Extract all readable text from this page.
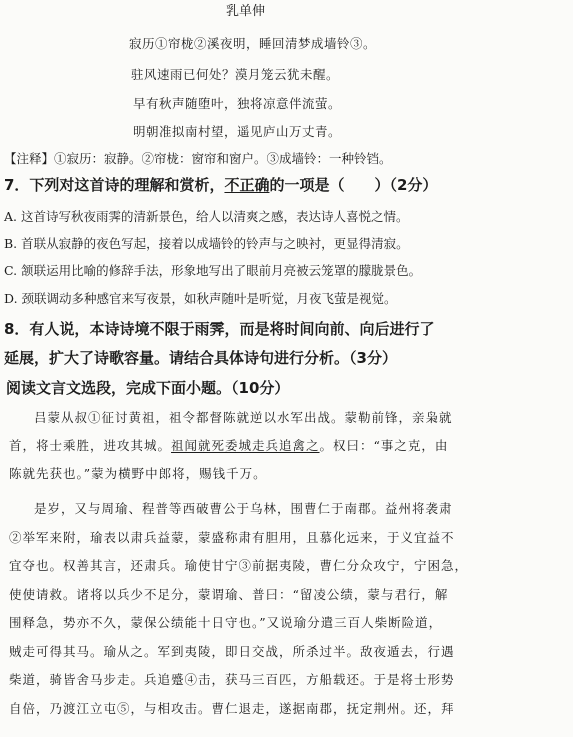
乳单伸
寂历①帘栊②溪夜明，睡回清梦成墙铃③。
驻风速雨已何处？漠月笼云犹未醒。
早有秋声随堕叶，独将凉意伴流萤。
明朝准拟南村望，遥见庐山万丈青。
【注释】①寂历：寂静。②帘栊：窗帘和窗户。③成墙铃：一种铃铛。
7．下列对这首诗的理解和赏析，不正确的一项是（　　）（2分）
A. 这首诗写秋夜雨霁的清新景色，给人以清爽之感，表达诗人喜悦之情。
B. 首联从寂静的夜色写起，接着以成墙铃的铃声与之映衬，更显得清寂。
C. 颔联运用比喻的修辞手法，形象地写出了眼前月亮被云笼罩的朦胧景色。
D. 颈联调动多种感官来写夜景，如秋声随叶是听觉，月夜飞萤是视觉。
8．有人说，本诗诗境不限于雨霁，而是将时间向前、向后进行了
延展，扩大了诗歌容量。请结合具体诗句进行分析。（3分）
阅读文言文选段，完成下面小题。（10分）
吕蒙从叔①征讨黄祖，祖令都督陈就逆以水军出战。蒙勒前锋，亲枭就
首，将士乘胜，进攻其城。祖闻就死委城走兵追禽之。权曰：“事之克，由
陈就先获也。”蒙为横野中郎将，赐钱千万。
是岁，又与周瑜、程普等西破曹公于乌林，围曹仁于南郡。益州将袭肃
②举军来附，瑜表以肃兵益蒙，蒙盛称肃有胆用，且慕化远来，于义宜益不
宜夺也。权善其言，还肃兵。瑜使甘宁③前据夷陵，曹仁分众攻宁，宁困急，
使使请救。诸将以兵少不足分，蒙谓瑜、普曰：“留凌公绩，蒙与君行，解
围释急，势亦不久，蒙保公绩能十日守也。”又说瑜分遣三百人柴断险道，
贼走可得其马。瑜从之。军到夷陵，即日交战，所杀过半。敌夜遁去，行遇
柴道，骑皆舍马步走。兵追蹙④击，获马三百匹，方船载还。于是将士形势
自倍，乃渡江立屯⑤，与相攻击。曹仁退走，遂据南郡，抚定荆州。还，拜
